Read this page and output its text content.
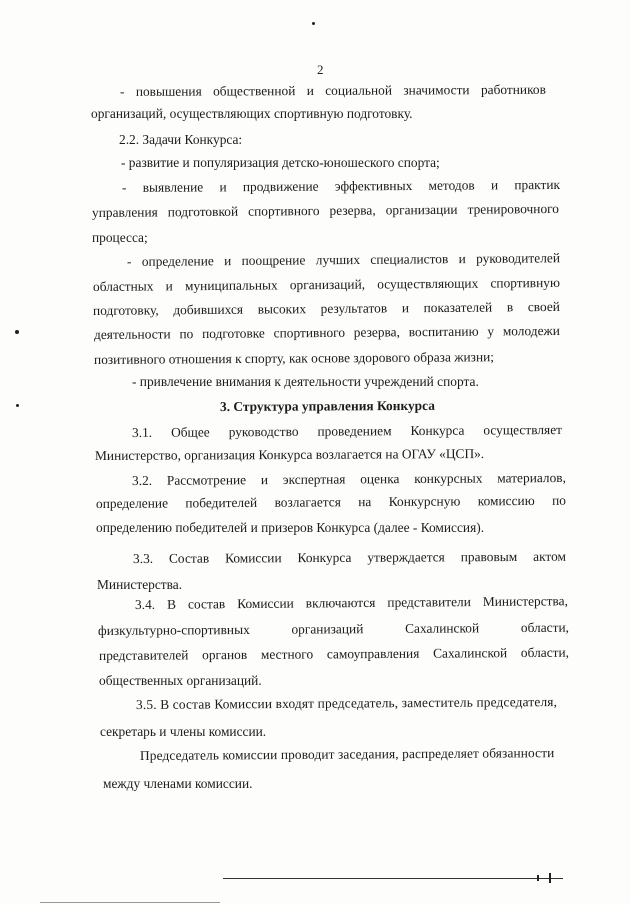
2
- повышения общественной и социальной значимости работников
организаций, осуществляющих спортивную подготовку.
2.2. Задачи Конкурса:
- развитие и популяризация детско-юношеского спорта;
- выявление и продвижение эффективных методов и практик
управления подготовкой спортивного резерва, организации тренировочного
процесса;
- определение и поощрение лучших специалистов и руководителей
областных и муниципальных организаций, осуществляющих спортивную
подготовку, добившихся высоких результатов и показателей в своей
деятельности по подготовке спортивного резерва, воспитанию у молодежи
позитивного отношения к спорту, как основе здорового образа жизни;
- привлечение внимания к деятельности учреждений спорта.
3. Структура управления Конкурса
3.1. Общее руководство проведением Конкурса осуществляет
Министерство, организация Конкурса возлагается на ОГАУ «ЦСП».
3.2. Рассмотрение и экспертная оценка конкурсных материалов,
определение победителей возлагается на Конкурсную комиссию по
определению победителей и призеров Конкурса (далее - Комиссия).
3.3. Состав Комиссии Конкурса утверждается правовым актом
Министерства.
3.4. В состав Комиссии включаются представители Министерства,
физкультурно-спортивных	организаций	Сахалинской	области,
представителей органов местного самоуправления Сахалинской области,
общественных организаций.
3.5. В состав Комиссии входят председатель, заместитель председателя,
секретарь и члены комиссии.
Председатель комиссии проводит заседания, распределяет обязанности
между членами комиссии.
